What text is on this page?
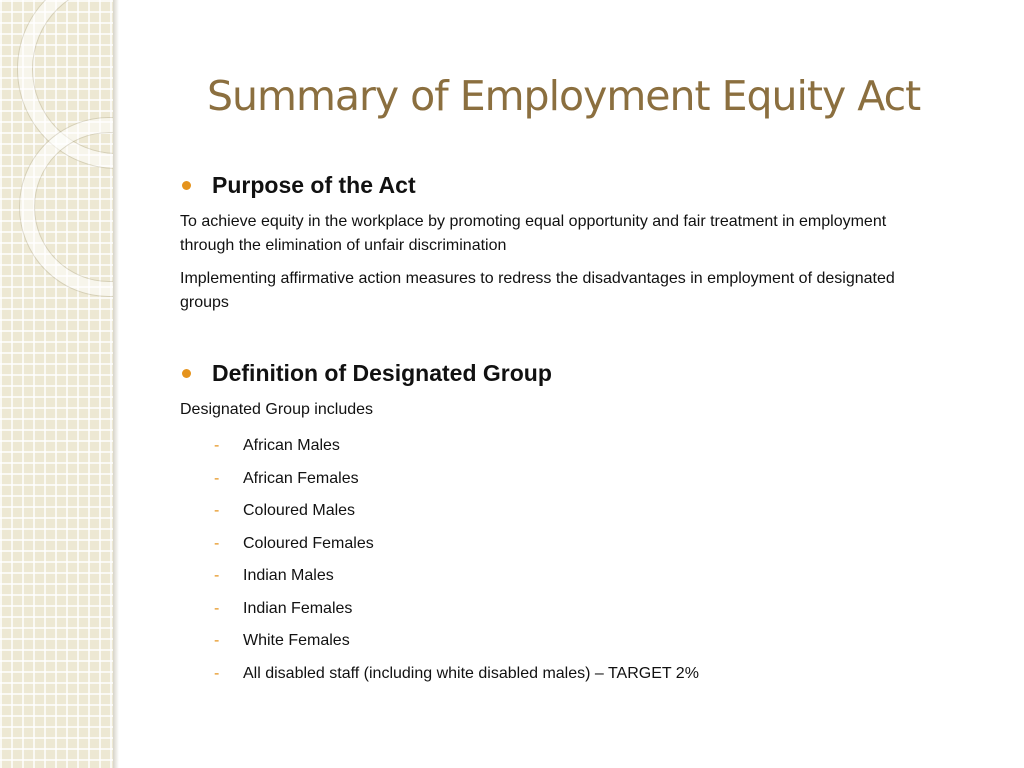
Summary of Employment Equity Act
Purpose of the Act

To achieve equity in the workplace by promoting equal opportunity and fair treatment in employment through the elimination of unfair discrimination

Implementing affirmative action measures to redress the disadvantages in employment of designated groups

Definition of Designated Group

Designated Group includes

-	African Males
-	African Females
-	Coloured Males
-	Coloured Females
-	Indian Males
-	Indian Females
-	White Females
-	All disabled staff (including white disabled males) – TARGET 2%
